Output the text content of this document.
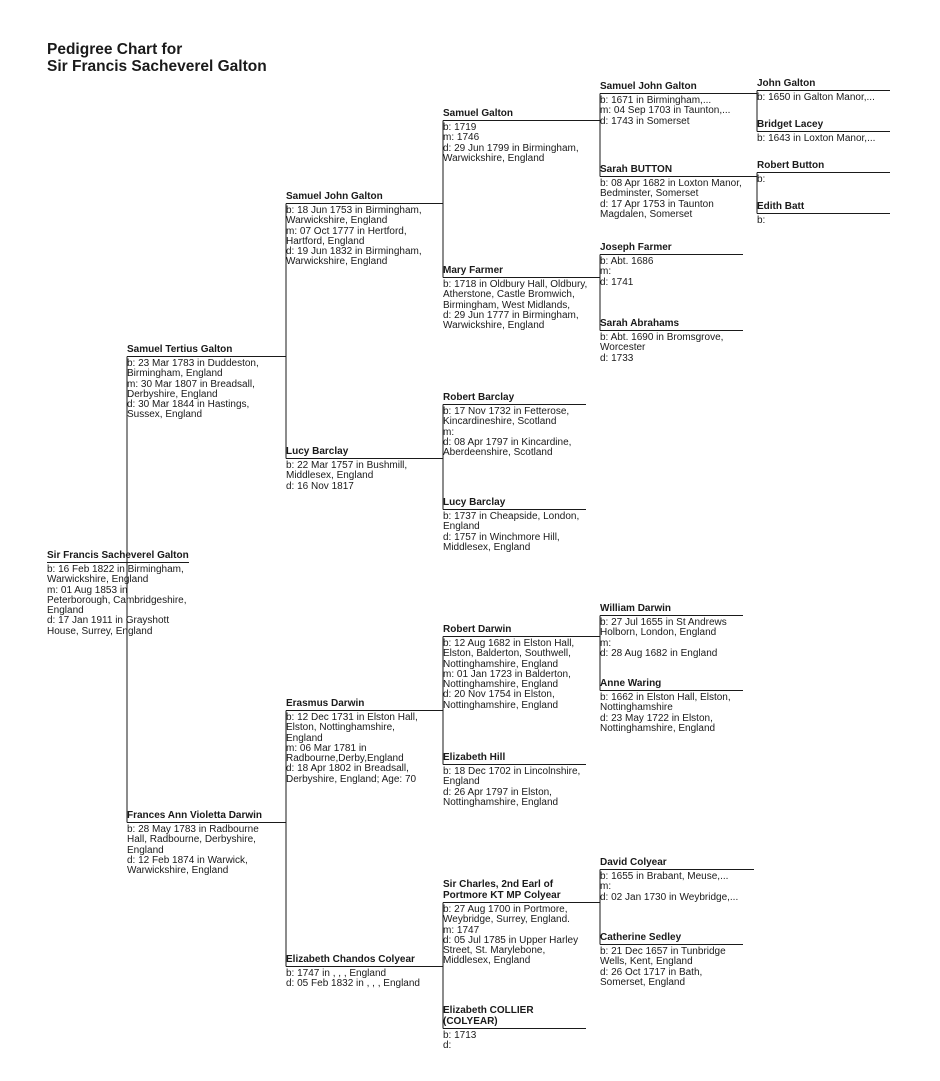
Pedigree Chart for
Sir Francis Sacheverel Galton
Sir Francis Sacheverel Galton
b: 16 Feb 1822 in Birmingham,
Warwickshire, England
m: 01 Aug 1853 in
Peterborough, Cambridgeshire,
England
d: 17 Jan 1911 in Grayshott
House, Surrey, England
Samuel Tertius Galton
b: 23 Mar 1783 in Duddeston,
Birmingham, England
m: 30 Mar 1807 in Breadsall,
Derbyshire, England
d: 30 Mar 1844 in Hastings,
Sussex, England
Frances Ann Violetta Darwin
b: 28 May 1783 in Radbourne
Hall, Radbourne, Derbyshire,
England
d: 12 Feb 1874 in Warwick,
Warwickshire, England
Samuel John Galton
b: 18 Jun 1753 in Birmingham,
Warwickshire, England
m: 07 Oct 1777 in Hertford,
Hartford, England
d: 19 Jun 1832 in Birmingham,
Warwickshire, England
Lucy Barclay
b: 22 Mar 1757 in Bushmill,
Middlesex, England
d: 16 Nov 1817
Erasmus Darwin
b: 12 Dec 1731 in Elston Hall,
Elston, Nottinghamshire,
England
m: 06 Mar 1781 in
Radbourne,Derby,England
d: 18 Apr 1802 in Breadsall,
Derbyshire, England; Age: 70
Elizabeth Chandos Colyear
b: 1747 in , , , England
d: 05 Feb 1832 in , , , England
Samuel Galton
b: 1719
m: 1746
d: 29 Jun 1799 in Birmingham,
Warwickshire, England
Mary Farmer
b: 1718 in Oldbury Hall, Oldbury,
Atherstone, Castle Bromwich,
Birmingham, West Midlands,
d: 29 Jun 1777 in Birmingham,
Warwickshire, England
Robert Barclay
b: 17 Nov 1732 in Fetterose,
Kincardineshire, Scotland
m:
d: 08 Apr 1797 in Kincardine,
Aberdeenshire, Scotland
Lucy Barclay
b: 1737 in Cheapside, London,
England
d: 1757 in Winchmore Hill,
Middlesex, England
Robert Darwin
b: 12 Aug 1682 in Elston Hall,
Elston, Balderton, Southwell,
Nottinghamshire, England
m: 01 Jan 1723 in Balderton,
Nottinghamshire, England
d: 20 Nov 1754 in Elston,
Nottinghamshire, England
Elizabeth Hill
b: 18 Dec 1702 in Lincolnshire,
England
d: 26 Apr 1797 in Elston,
Nottinghamshire, England
Sir Charles, 2nd Earl of Portmore KT MP Colyear
b: 27 Aug 1700 in Portmore,
Weybridge, Surrey, England.
m: 1747
d: 05 Jul 1785 in Upper Harley
Street, St. Marylebone,
Middlesex, England
Elizabeth COLLIER (COLYEAR)
b: 1713
d:
Samuel John Galton
b: 1671 in Birmingham,...
m: 04 Sep 1703 in Taunton,...
d: 1743 in Somerset
Sarah BUTTON
b: 08 Apr 1682 in Loxton Manor,
Bedminster, Somerset
d: 17 Apr 1753 in Taunton
Magdalen, Somerset
Joseph Farmer
b: Abt. 1686
m:
d: 1741
Sarah Abrahams
b: Abt. 1690 in Bromsgrove,
Worcester
d: 1733
William Darwin
b: 27 Jul 1655 in St Andrews
Holborn, London, England
m:
d: 28 Aug 1682 in England
Anne Waring
b: 1662 in Elston Hall, Elston,
Nottinghamshire
d: 23 May 1722 in Elston,
Nottinghamshire, England
David Colyear
b: 1655 in Brabant, Meuse,...
m:
d: 02 Jan 1730 in Weybridge,...
Catherine Sedley
b: 21 Dec 1657 in Tunbridge
Wells, Kent, England
d: 26 Oct 1717 in Bath,
Somerset, England
John Galton
b: 1650 in Galton Manor,...
Bridget Lacey
b: 1643 in Loxton Manor,...
Robert Button
b:
Edith Batt
b:
